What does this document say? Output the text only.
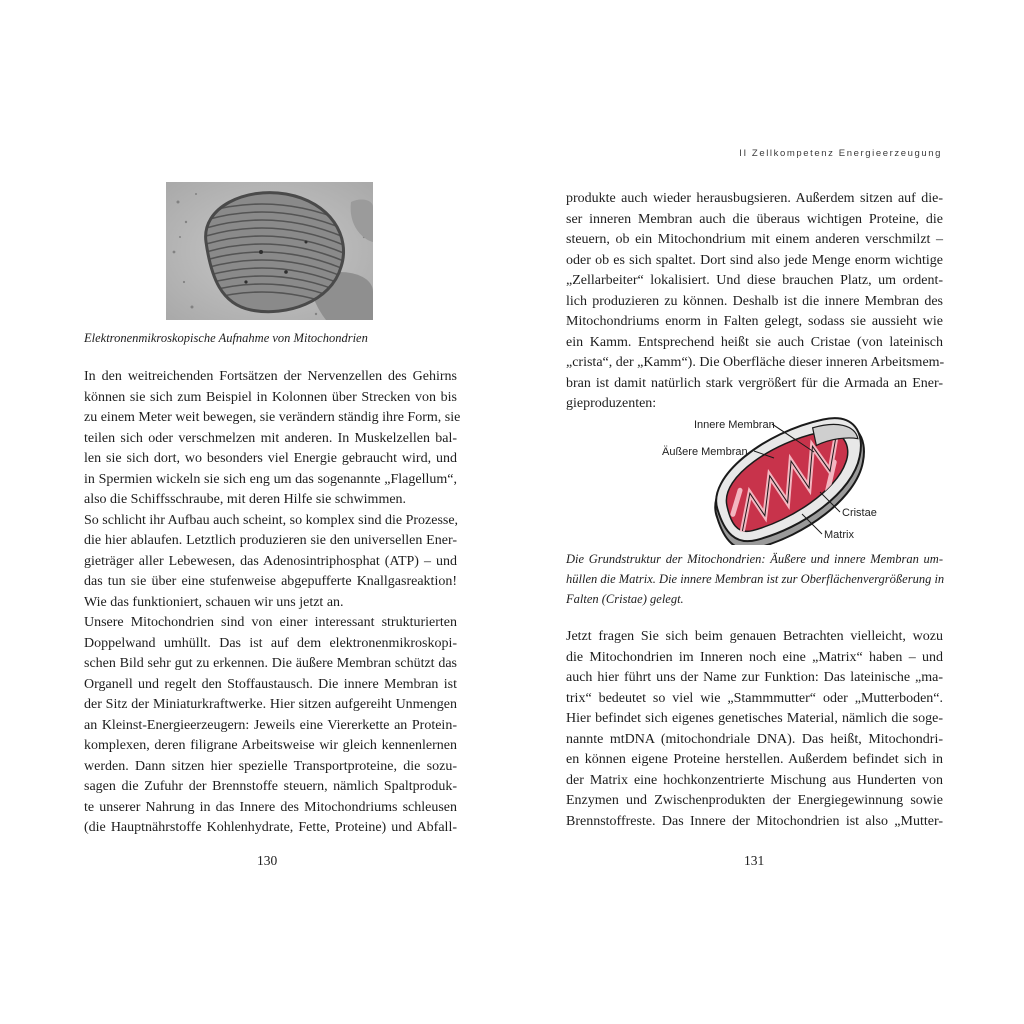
Elektronenmikroskopische Aufnahme von Mitochondrien

In den weitreichenden Fortsätzen der Nervenzellen des Gehirns
können sie sich zum Beispiel in Kolonnen über Strecken von bis
zu einem Meter weit bewegen, sie verändern ständig ihre Form, sie
teilen sich oder verschmelzen mit anderen. In Muskelzellen bal-
len sie sich dort, wo besonders viel Energie gebraucht wird, und
in Spermien wickeln sie sich eng um das sogenannte „Flagellum“,
also die Schiffsschraube, mit deren Hilfe sie schwimmen.
So schlicht ihr Aufbau auch scheint, so komplex sind die Prozesse,
die hier ablaufen. Letztlich produzieren sie den universellen Ener-
gieträger aller Lebewesen, das Adenosintriphosphat (ATP) – und
das tun sie über eine stufenweise abgepufferte Knallgasreaktion!
Wie das funktioniert, schauen wir uns jetzt an.
Unsere Mitochondrien sind von einer interessant strukturierten
Doppelwand umhüllt. Das ist auf dem elektronenmikroskopi-
schen Bild sehr gut zu erkennen. Die äußere Membran schützt das
Organell und regelt den Stoffaustausch. Die innere Membran ist
der Sitz der Miniaturkraftwerke. Hier sitzen aufgereiht Unmengen
an Kleinst-Energieerzeugern: Jeweils eine Viererkette an Protein-
komplexen, deren filigrane Arbeitsweise wir gleich kennenlernen
werden. Dann sitzen hier spezielle Transportproteine, die sozu-
sagen die Zufuhr der Brennstoffe steuern, nämlich Spaltproduk-
te unserer Nahrung in das Innere des Mitochondriums schleusen
(die Hauptnährstoffe Kohlenhydrate, Fette, Proteine) und Abfall-
130
II Zellkompetenz Energieerzeugung
produkte auch wieder herausbugsieren. Außerdem sitzen auf die-
ser inneren Membran auch die überaus wichtigen Proteine, die
steuern, ob ein Mitochondrium mit einem anderen verschmilzt –
oder ob es sich spaltet. Dort sind also jede Menge enorm wichtige
„Zellarbeiter“ lokalisiert. Und diese brauchen Platz, um ordent-
lich produzieren zu können. Deshalb ist die innere Membran des
Mitochondriums enorm in Falten gelegt, sodass sie aussieht wie
ein Kamm. Entsprechend heißt sie auch Cristae (von lateinisch
„crista“, der „Kamm“). Die Oberfläche dieser inneren Arbeitsmem-
bran ist damit natürlich stark vergrößert für die Armada an Ener-
gieproduzenten:
Innere Membran
Äußere Membran
Cristae
Matrix

Die Grundstruktur der Mitochondrien: Äußere und innere Membran um-
hüllen die Matrix. Die innere Membran ist zur Oberflächenvergrößerung in
Falten (Cristae) gelegt.

Jetzt fragen Sie sich beim genauen Betrachten vielleicht, wozu
die Mitochondrien im Inneren noch eine „Matrix“ haben – und
auch hier führt uns der Name zur Funktion: Das lateinische „ma-
trix“ bedeutet so viel wie „Stammmutter“ oder „Mutterboden“.
Hier befindet sich eigenes genetisches Material, nämlich die soge-
nannte mtDNA (mitochondriale DNA). Das heißt, Mitochondri-
en können eigene Proteine herstellen. Außerdem befindet sich in
der Matrix eine hochkonzentrierte Mischung aus Hunderten von
Enzymen und Zwischenprodukten der Energiegewinnung sowie
Brennstoffreste. Das Innere der Mitochondrien ist also „Mutter-
131
